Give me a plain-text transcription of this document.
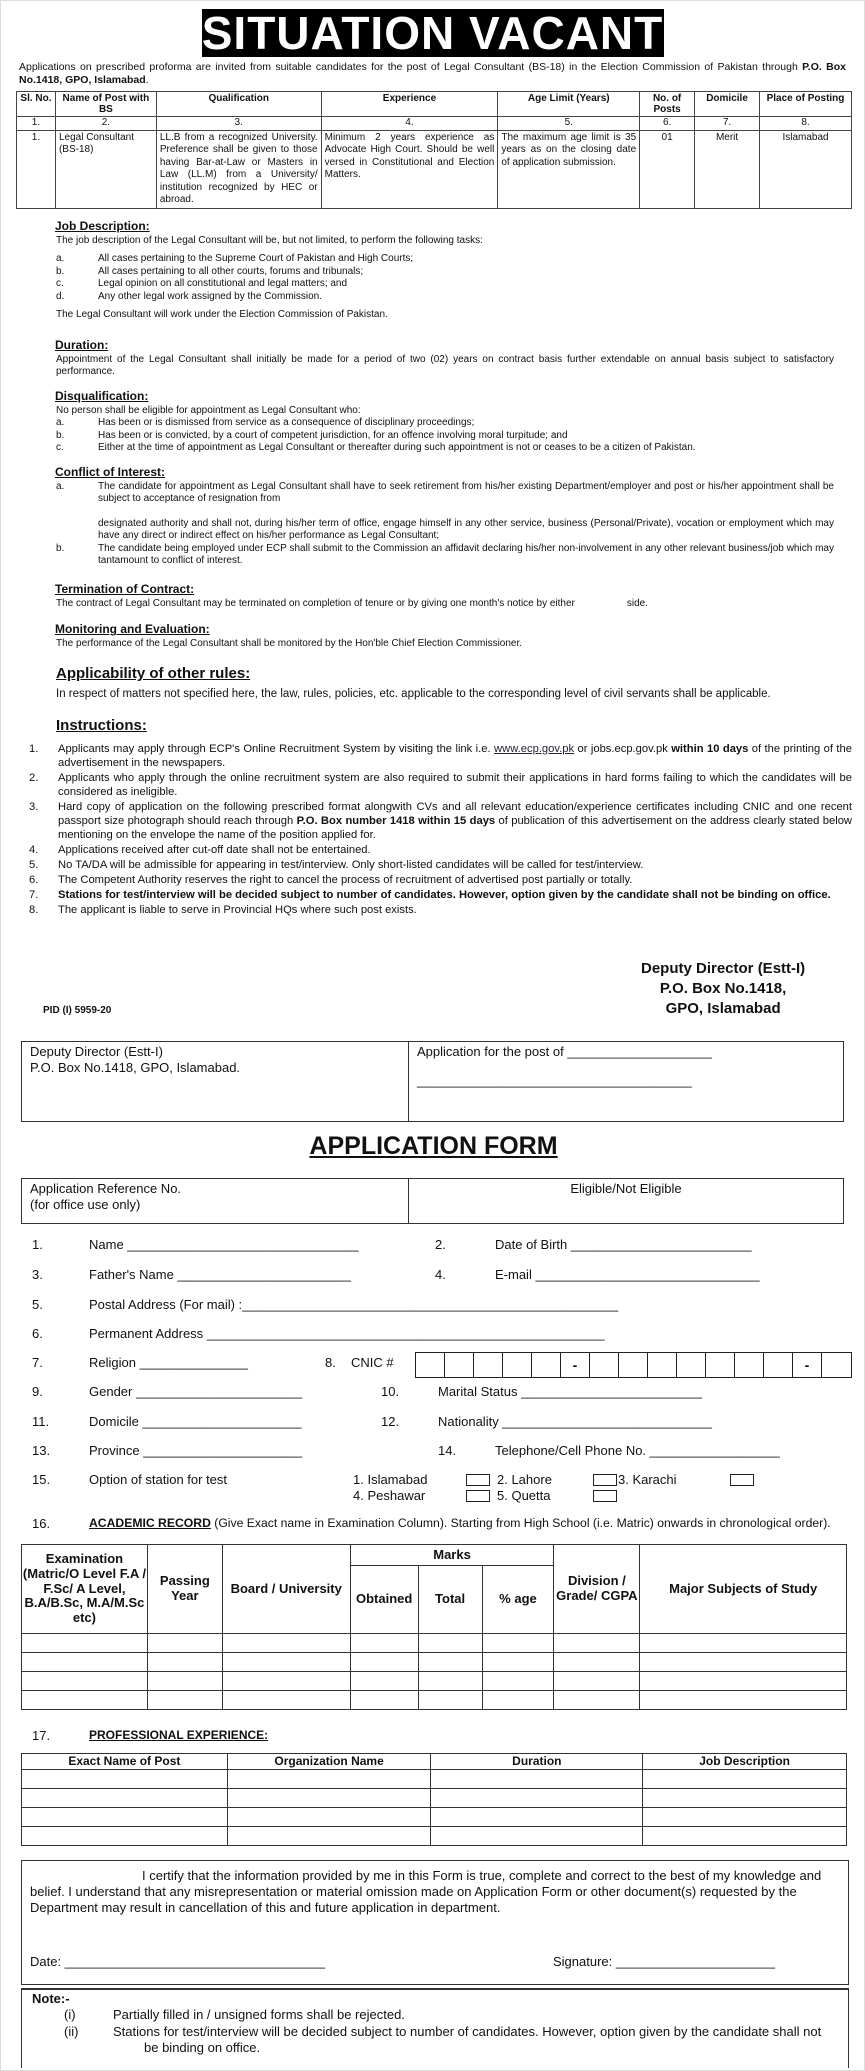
SITUATION VACANT
Applications on prescribed proforma are invited from suitable candidates for the post of Legal Consultant (BS-18) in the Election Commission of Pakistan through P.O. Box No.1418, GPO, Islamabad.
Sl. No.	Name of Post with BS	Qualification	Experience	Age Limit (Years)	No. of Posts	Domicile	Place of Posting
1.	2.	3.	4.	5.	6.	7.	8.
1.	Legal Consultant (BS-18)	LL.B from a recognized University. Preference shall be given to those having Bar-at-Law or Masters in Law (LL.M) from a University/ institution recognized by HEC or abroad.	Minimum 2 years experience as Advocate High Court. Should be well versed in Constitutional and Election Matters.	The maximum age limit is 35 years as on the closing date of application submission.	01	Merit	Islamabad
Job Description:

The job description of the Legal Consultant will be, but not limited, to perform the following tasks:

a.	All cases pertaining to the Supreme Court of Pakistan and High Courts;
b.	All cases pertaining to all other courts, forums and tribunals;
c.	Legal opinion on all constitutional and legal matters; and
d.	Any other legal work assigned by the Commission.

The Legal Consultant will work under the Election Commission of Pakistan.

Duration:

Appointment of the Legal Consultant shall initially be made for a period of two (02) years on contract basis further extendable on annual basis subject to satisfactory performance.

Disqualification:

No person shall be eligible for appointment as Legal Consultant who:

a.	Has been or is dismissed from service as a consequence of disciplinary proceedings;
b.	Has been or is convicted, by a court of competent jurisdiction, for an offence involving moral turpitude; and
c.	Either at the time of appointment as Legal Consultant or thereafter during such appointment is not or ceases to be a citizen of Pakistan.
Conflict of Interest:
a.	The candidate for appointment as Legal Consultant shall have to seek retirement from his/her existing Department/employer and post or his/her appointment shall be subject to acceptance of resignation from
designated authority and shall not, during his/her term of office, engage himself in any other service, business (Personal/Private), vocation or employment which may have any direct or indirect effect on his/her performance as Legal Consultant;
b.	The candidate being employed under ECP shall submit to the Commission an affidavit declaring his/her non-involvement in any other relevant business/job which may tantamount to conflict of interest.
Termination of Contract:

The contract of Legal Consultant may be terminated on completion of tenure or by giving one month's notice by either	side.

Monitoring and Evaluation:

The performance of the Legal Consultant shall be monitored by the Hon'ble Chief Election Commissioner.

Applicability of other rules:

In respect of matters not specified here, the law, rules, policies, etc. applicable to the corresponding level of civil servants shall be applicable.

Instructions:
1.	Applicants may apply through ECP's Online Recruitment System by visiting the link i.e. www.ecp.gov.pk or jobs.ecp.gov.pk within 10 days of the printing of the advertisement in the newspapers.
2.	Applicants who apply through the online recruitment system are also required to submit their applications in hard forms failing to which the candidates will be considered as ineligible.
3.	Hard copy of application on the following prescribed format alongwith CVs and all relevant education/experience certificates including CNIC and one recent passport size photograph should reach through P.O. Box number 1418 within 15 days of publication of this advertisement on the address clearly stated below mentioning on the envelope the name of the position applied for.
4.	Applications received after cut-off date shall not be entertained.
5.	No TA/DA will be admissible for appearing in test/interview. Only short-listed candidates will be called for test/interview.
6.	The Competent Authority reserves the right to cancel the process of recruitment of advertised post partially or totally.
7.	Stations for test/interview will be decided subject to number of candidates. However, option given by the candidate shall not be binding on office.
8.	The applicant is liable to serve in Provincial HQs where such post exists.
Deputy Director (Estt-I)
P.O. Box No.1418,
GPO, Islamabad
PID (I) 5959-20
Deputy Director (Estt-I)
P.O. Box No.1418, GPO, Islamabad.
Application for the post of ____________________
______________________________________
APPLICATION FORM
Application Reference No.
(for office use only)
Eligible/Not Eligible
1.	Name ________________________________	2.	Date of Birth _________________________
3.	Father's Name ________________________	4.	E-mail _______________________________
5.	Postal Address (For mail) :____________________________________________________
6.	Permanent Address _______________________________________________________
7.	Religion _______________	8. CNIC #	-	-
9.	Gender _______________________	10.	Marital Status _________________________
11.	Domicile ______________________	12.	Nationality _____________________________
13.	Province ______________________	14.	Telephone/Cell Phone No. __________________
15.	Option of station for test	1. Islamabad	2. Lahore	3. Karachi
4. Peshawar	5. Quetta
16.	ACADEMIC RECORD (Give Exact name in Examination Column). Starting from High School (i.e. Matric) onwards in chronological order).
Examination (Matric/O Level F.A / F.Sc/ A Level, B.A/B.Sc, M.A/M.Sc etc)	Passing Year	Board / University	Marks			Division / Grade/ CGPA	Major Subjects of Study
			Obtained	Total	% age		

17.	PROFESSIONAL EXPERIENCE:
Exact Name of Post	Organization Name	Duration	Job Description

I certify that the information provided by me in this Form is true, complete and correct to the best of my knowledge and belief. I understand that any misrepresentation or material omission made on Application Form or other document(s) requested by the Department may result in cancellation of this and future application in department.

Date: ____________________________________	Signature: ______________________
Note:-
(i)	Partially filled in / unsigned forms shall be rejected.
(ii)	Stations for test/interview will be decided subject to number of candidates. However, option given by the candidate shall not
be binding on office.
